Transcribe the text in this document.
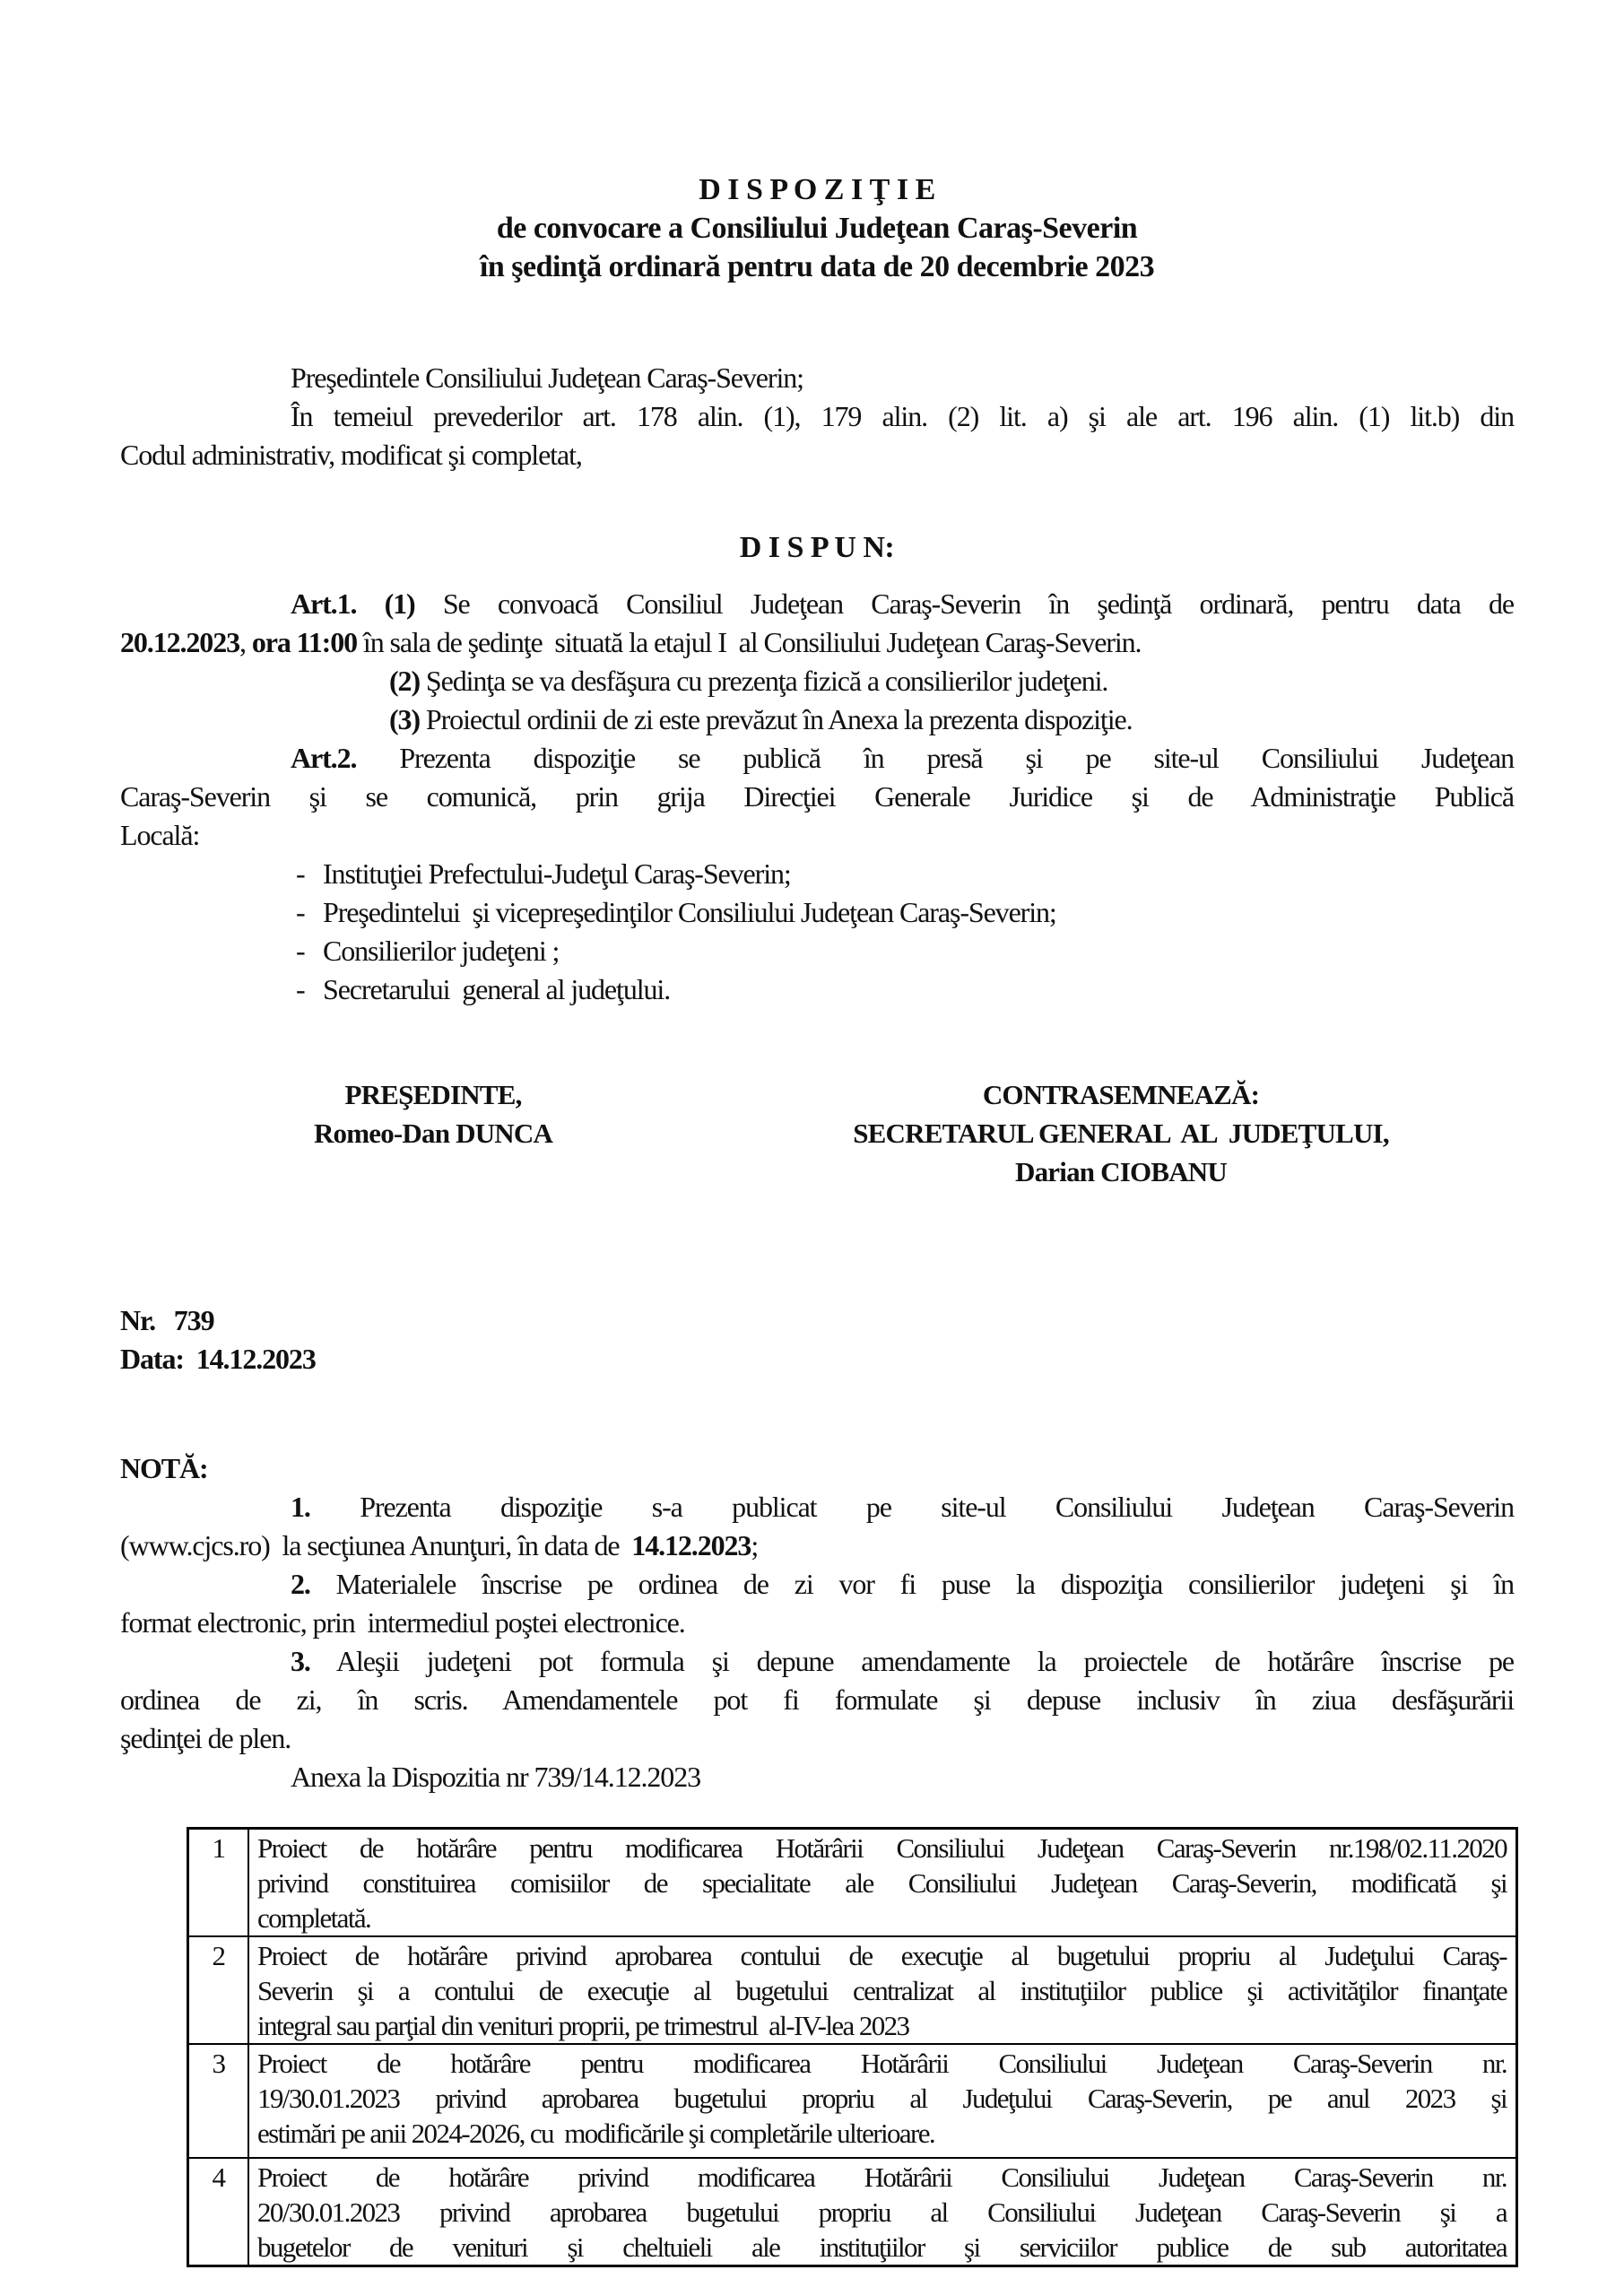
D I S P O Z I Ţ I E
de convocare a Consiliului Judeţean Caraş-Severin
în şedinţă ordinară pentru data de 20 decembrie 2023
Preşedintele Consiliului Judeţean Caraş-Severin;
În temeiul prevederilor art. 178 alin. (1), 179 alin. (2) lit. a) şi ale art. 196 alin. (1) lit.b) din
Codul administrativ, modificat şi completat,
D I S P U N:
Art.1. (1) Se convoacă Consiliul Judeţean Caraş-Severin în şedinţă ordinară, pentru data de
20.12.2023, ora 11:00 în sala de şedinţe  situată la etajul I  al Consiliului Judeţean Caraş-Severin.
(2) Şedinţa se va desfăşura cu prezenţa fizică a consilierilor judeţeni.
(3) Proiectul ordinii de zi este prevăzut în Anexa la prezenta dispoziţie.
Art.2. Prezenta dispoziţie se publică în presă şi pe site-ul Consiliului Judeţean
Caraş-Severin şi se comunică, prin grija Direcţiei Generale Juridice şi de Administraţie Publică
Locală:
- Instituţiei Prefectului-Judeţul Caraş-Severin;
- Preşedintelui  şi vicepreşedinţilor Consiliului Judeţean Caraş-Severin;
- Consilierilor judeţeni ;
- Secretarului  general al judeţului.
PREŞEDINTE,
Romeo-Dan DUNCA
CONTRASEMNEAZĂ:
SECRETARUL GENERAL  AL  JUDEŢULUI,
Darian CIOBANU
Nr.   739
Data:  14.12.2023
NOTĂ:
1. Prezenta dispoziţie s-a publicat pe site-ul Consiliului Judeţean Caraş-Severin
(www.cjcs.ro)  la secţiunea Anunţuri, în data de  14.12.2023;
2. Materialele înscrise pe ordinea de zi vor fi puse la dispoziţia consilierilor judeţeni şi în
format electronic, prin  intermediul poştei electronice.
3. Aleşii judeţeni pot formula şi depune amendamente la proiectele de hotărâre înscrise pe
ordinea de zi, în scris. Amendamentele pot fi formulate şi depuse inclusiv în ziua desfăşurării
şedinţei de plen.
Anexa la Dispozitia nr 739/14.12.2023
1	Proiect de hotărâre pentru modificarea Hotărârii Consiliului Judeţean Caraş-Severin nr.198/02.11.2020
privind constituirea comisiilor de specialitate ale Consiliului Judeţean Caraş-Severin, modificată şi
completată.

2	Proiect de hotărâre privind aprobarea contului de execuţie al bugetului propriu al Judeţului Caraş-
Severin şi a contului de execuţie al bugetului centralizat al instituţiilor publice şi activităţilor finanţate
integral sau parţial din venituri proprii, pe trimestrul  al-IV-lea 2023

3	Proiect de hotărâre pentru modificarea Hotărârii Consiliului Judeţean Caraş-Severin nr.
19/30.01.2023 privind aprobarea bugetului propriu al Judeţului Caraş-Severin, pe anul 2023 şi
estimări pe anii 2024-2026, cu  modificările şi completările ulterioare.

4	Proiect de hotărâre privind modificarea Hotărârii Consiliului Judeţean Caraş-Severin nr.
20/30.01.2023 privind aprobarea bugetului propriu al Consiliului Judeţean Caraş-Severin şi a
bugetelor de venituri şi cheltuieli ale instituţiilor şi serviciilor publice de sub autoritatea
